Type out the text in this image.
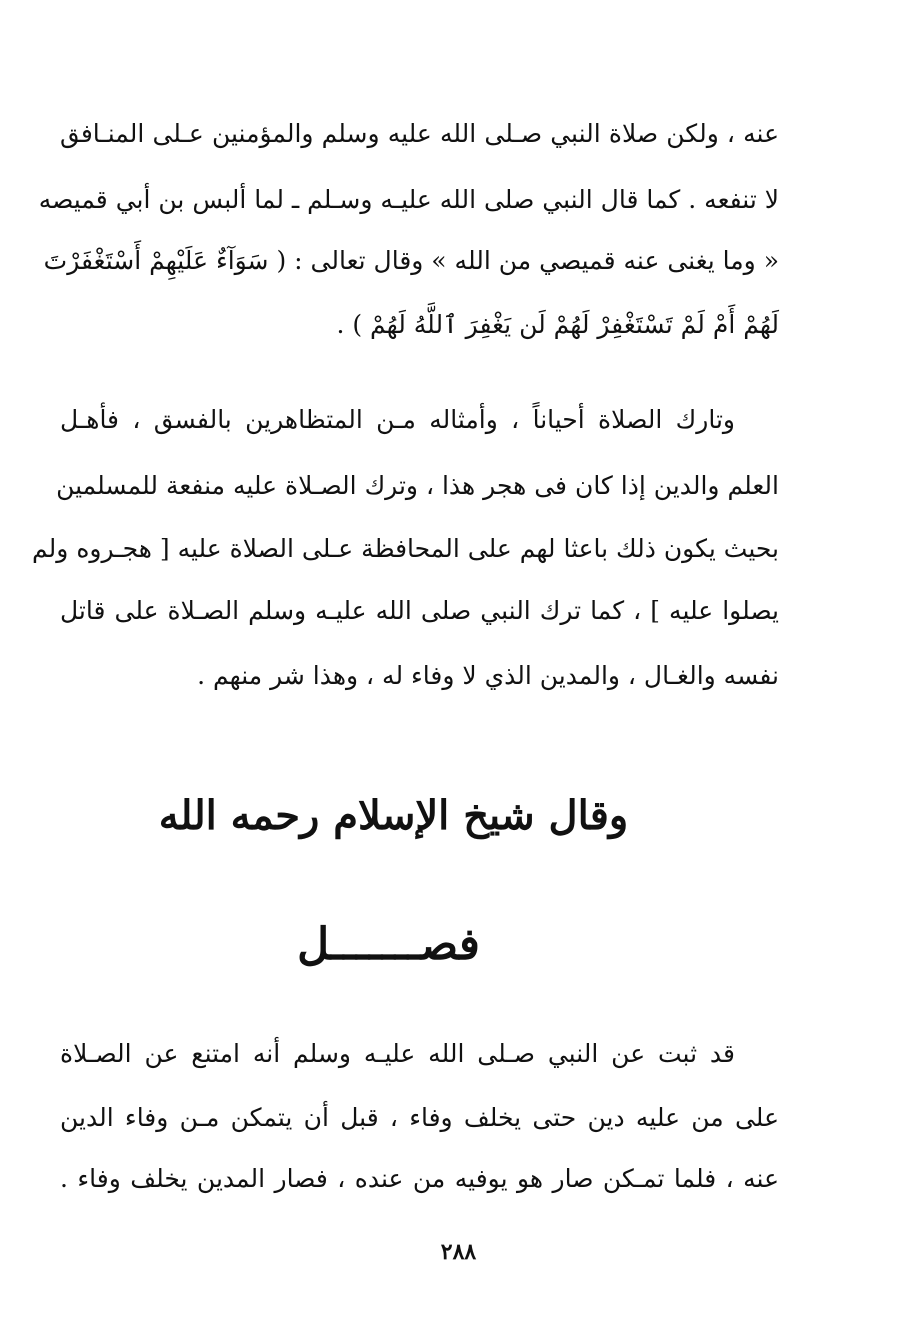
عنه ، ولكن صلاة النبي صـلى الله عليه وسلم والمؤمنين عـلى المنـافق
لا تنفعه . كما قال النبي صلى الله عليـه وسـلم ـ لما ألبس بن أبي قميصه
« وما يغنى عنه قميصي من الله » وقال تعالى : ( سَوَآءٌ عَلَيْهِمْ أَسْتَغْفَرْتَ
لَهُمْ أَمْ لَمْ تَسْتَغْفِرْ لَهُمْ لَن يَغْفِرَ ٱللَّهُ لَهُمْ ) .
وتارك الصلاة أحياناً ، وأمثاله مـن المتظاهرين بالفسق ، فأهـل
العلم والدين إذا كان فى هجر هذا ، وترك الصـلاة عليه منفعة للمسلمين
بحيث يكون ذلك باعثا لهم على المحافظة عـلى الصلاة عليه [ هجـروه ولم
يصلوا عليه ] ، كما ترك النبي صلى الله عليـه وسلم الصـلاة على قاتل
نفسه والغـال ، والمدين الذي لا وفاء له ، وهذا شر منهم .
وقال شيخ الإسلام رحمه الله
فصـــــــل
قد ثبت عن النبي صـلى الله عليـه وسلم أنه امتنع عن الصـلاة
على من عليه دين حتى يخلف وفاء ، قبل أن يتمكن مـن وفاء الدين
عنه ، فلما تمـكن صار هو يوفيه من عنده ، فصار المدين يخلف وفاء .
٢٨٨
